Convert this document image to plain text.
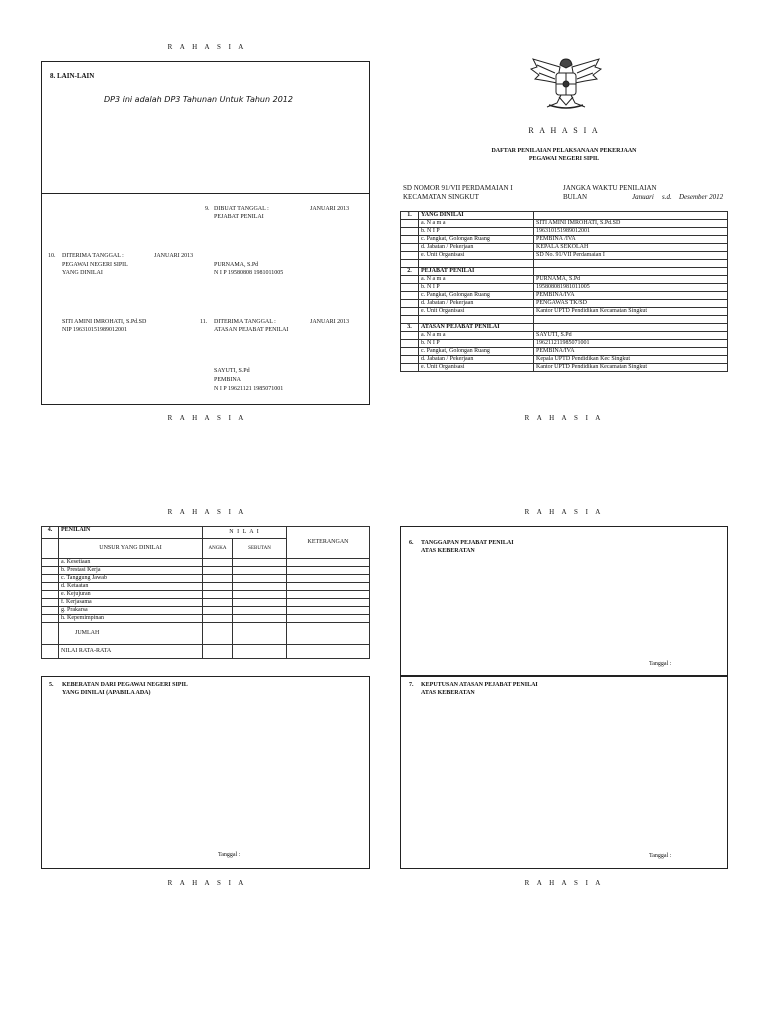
R A H A S I A
8. LAIN-LAIN
DP3 ini adalah DP3 Tahunan Untuk Tahun 2012
9. DIBUAT TANGGAL :	JANUARI 2013
PEJABAT PENILAI
10. DITERIMA TANGGAL :	JANUARI 2013
PEGAWAI NEGERI SIPIL
YANG DINILAI
PURNAMA, S.Pd
N I P 19580808 1981011005
SITI AMINI IMROHATI, S.Pd.SD
NIP 196310151989012001
11. DITERIMA TANGGAL :	JANUARI 2013
ATASAN PEJABAT PENILAI
SAYUTI, S.Pd
PEMBINA
N I P 19621121 1985071001
R A H A S I A
R A H A S I A
DAFTAR PENILAIAN PELAKSANAAN PEKERJAAN
PEGAWAI NEGERI SIPIL
SD NOMOR 91/VII PERDAMAIAN I
KECAMATAN SINGKUT
JANGKA WAKTU PENILAIAN
BULAN	Januari s.d. Desember 2012
1.	YANG DINILAI	
	a. N a m a	SITI AMINI IMROHATI, S.Pd.SD
	b. N I P	196310151989012001
	c. Pangkat, Golongan Ruang	PEMBINA /IVA
	d. Jabatan / Pekerjaan	KEPALA SEKOLAH
	e. Unit Organisasi	SD No. 91/VII Perdamaian I

2.	PEJABAT PENILAI	
	a. N a m a	PURNAMA, S.Pd
	b. N I P	195808081981011005
	c. Pangkat, Golongan Ruang	PEMBINA/IVA
	d. Jabatan / Pekerjaan	PENGAWAS TK/SD
	e. Unit Organisasi	Kantor UPTD Pendidikan Kecamatan Singkut

3.	ATASAN PEJABAT PENILAI	
	a. N a m a	SAYUTI, S.Pd
	b. N I P	196211211985071001
	c. Pangkat, Golongan Ruang	PEMBINA/IVA
	d. Jabatan / Pekerjaan	Kepala UPTD Pendidikan Kec Singkut
	e. Unit Organisasi	Kantor UPTD Pendidikan Kecamatan Singkut
R A H A S I A
R A H A S I A
4.	PENILAIN	N I L A I		KETERANGAN
	UNSUR YANG DINILAI	ANGKA	SEBUTAN	
	a. Kesetiaan			
	b. Prestasi Kerja			
	c. Tanggung Jawab			
	d. Ketaatan			
	e. Kejujuran			
	f. Kerjasama			
	g. Prakarsa			
	h. Kepemimpinan			
	JUMLAH			
	NILAI RATA-RATA			
5. KEBERATAN DARI PEGAWAI NEGERI SIPIL
YANG DINILAI (APABILA ADA)
Tanggal :
R A H A S I A
R A H A S I A
6. TANGGAPAN PEJABAT PENILAI
ATAS KEBERATAN
Tanggal :
7. KEPUTUSAN ATASAN PEJABAT PENILAI
ATAS KEBERATAN
Tanggal :
R A H A S I A
